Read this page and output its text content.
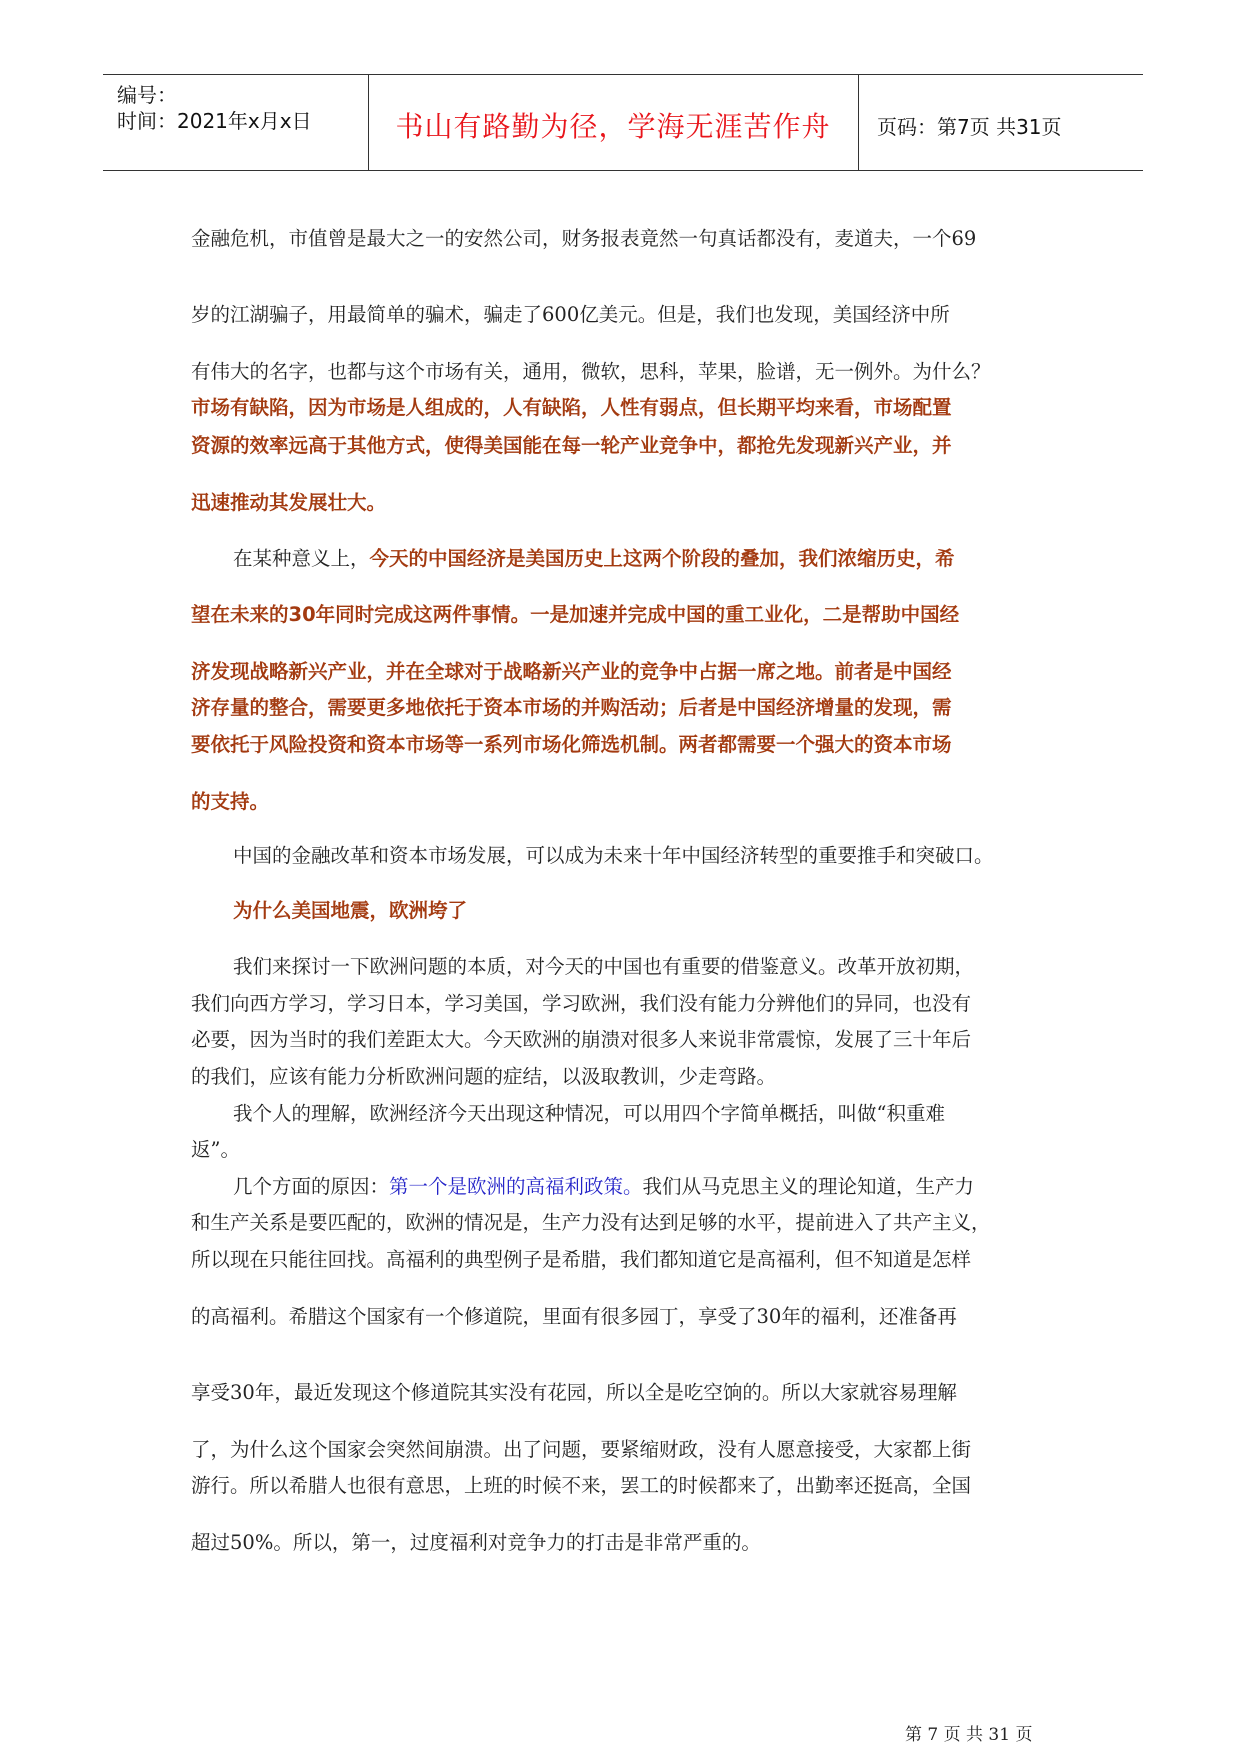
编号：
时间：2021年x月x日	书山有路勤为径，学海无涯苦作舟	页码：第7页 共31页
金融危机，市值曾是最大之一的安然公司，财务报表竟然一句真话都没有，麦道夫，一个69
岁的江湖骗子，用最简单的骗术，骗走了600亿美元。但是，我们也发现，美国经济中所
有伟大的名字，也都与这个市场有关，通用，微软，思科，苹果，脸谱，无一例外。为什么？
市场有缺陷，因为市场是人组成的，人有缺陷，人性有弱点，但长期平均来看，市场配置
资源的效率远高于其他方式，使得美国能在每一轮产业竞争中，都抢先发现新兴产业，并
迅速推动其发展壮大。
在某种意义上，今天的中国经济是美国历史上这两个阶段的叠加，我们浓缩历史，希
望在未来的30年同时完成这两件事情。一是加速并完成中国的重工业化，二是帮助中国经
济发现战略新兴产业，并在全球对于战略新兴产业的竞争中占据一席之地。前者是中国经
济存量的整合，需要更多地依托于资本市场的并购活动；后者是中国经济增量的发现，需
要依托于风险投资和资本市场等一系列市场化筛选机制。两者都需要一个强大的资本市场
的支持。
中国的金融改革和资本市场发展，可以成为未来十年中国经济转型的重要推手和突破口。
为什么美国地震，欧洲垮了
我们来探讨一下欧洲问题的本质，对今天的中国也有重要的借鉴意义。改革开放初期，
我们向西方学习，学习日本，学习美国，学习欧洲，我们没有能力分辨他们的异同，也没有
必要，因为当时的我们差距太大。今天欧洲的崩溃对很多人来说非常震惊，发展了三十年后
的我们，应该有能力分析欧洲问题的症结，以汲取教训，少走弯路。
我个人的理解，欧洲经济今天出现这种情况，可以用四个字简单概括，叫做“积重难
返”。
几个方面的原因：第一个是欧洲的高福利政策。我们从马克思主义的理论知道，生产力
和生产关系是要匹配的，欧洲的情况是，生产力没有达到足够的水平，提前进入了共产主义，
所以现在只能往回找。高福利的典型例子是希腊，我们都知道它是高福利，但不知道是怎样
的高福利。希腊这个国家有一个修道院，里面有很多园丁，享受了30年的福利，还准备再
享受30年，最近发现这个修道院其实没有花园，所以全是吃空饷的。所以大家就容易理解
了，为什么这个国家会突然间崩溃。出了问题，要紧缩财政，没有人愿意接受，大家都上街
游行。所以希腊人也很有意思，上班的时候不来，罢工的时候都来了，出勤率还挺高，全国
超过50%。所以，第一，过度福利对竞争力的打击是非常严重的。
第 7 页 共 31 页
